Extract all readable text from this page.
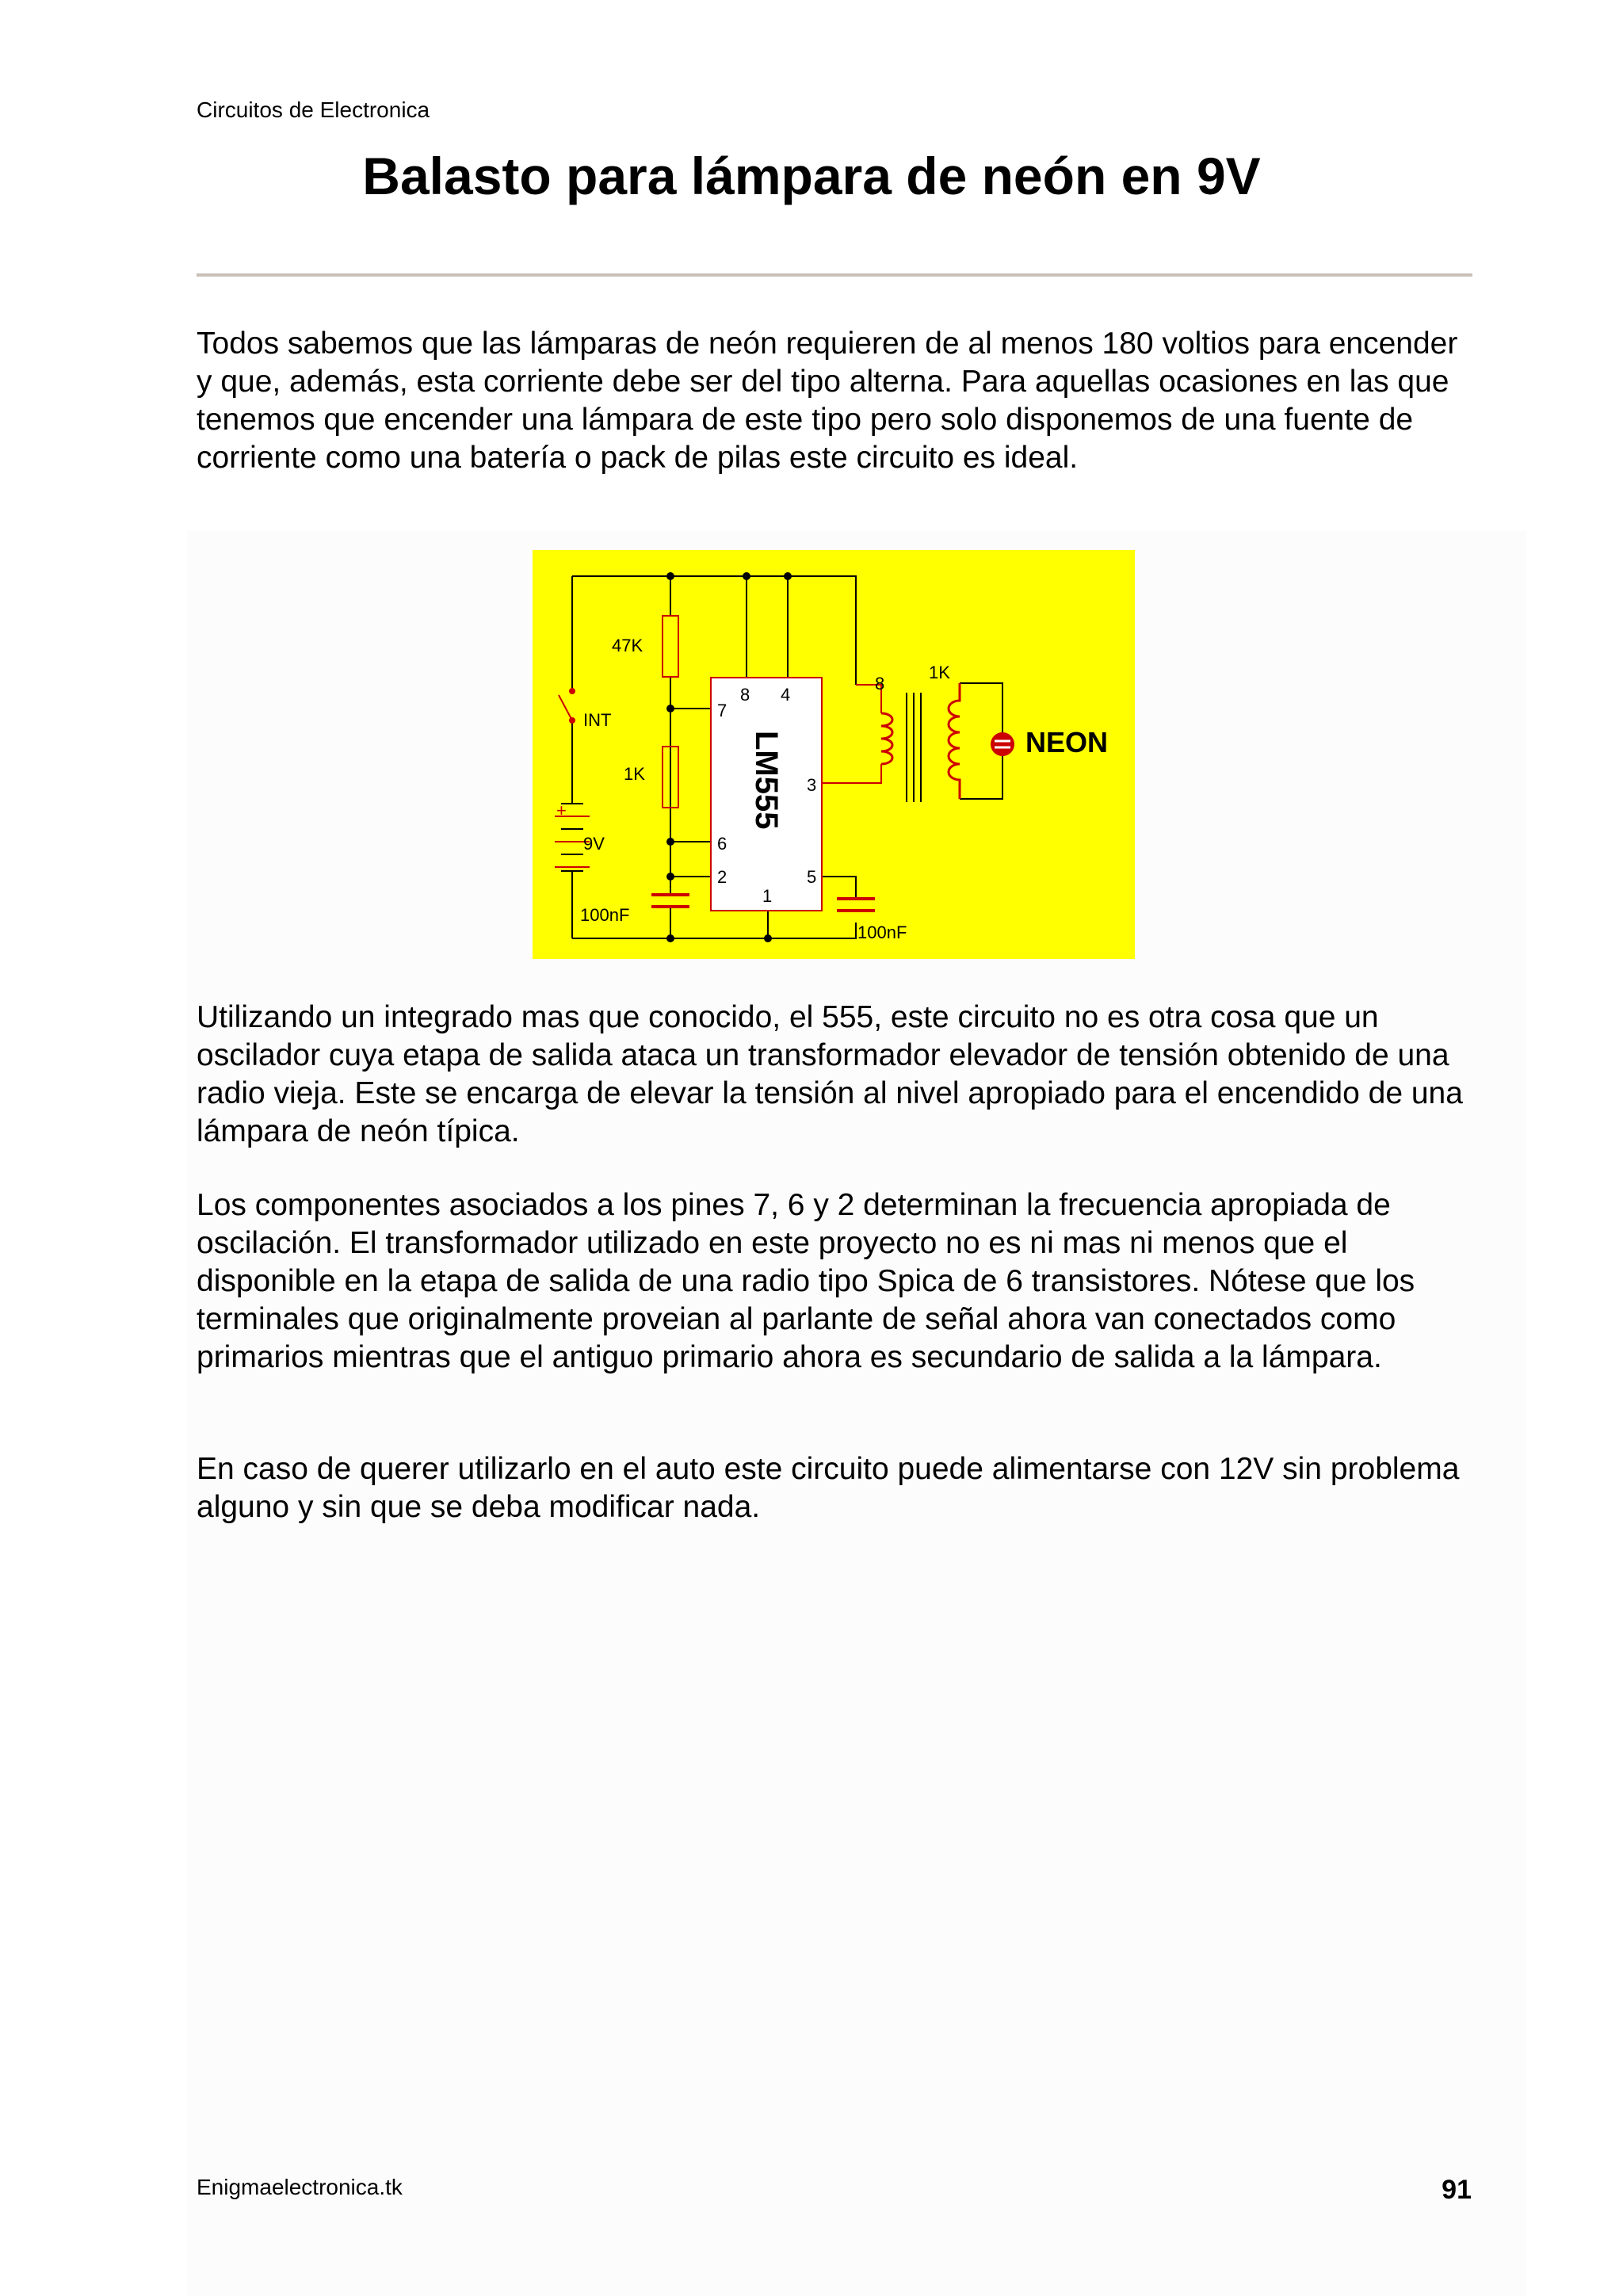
Circuitos de Electronica
Balasto para lámpara de neón en 9V

Todos sabemos que las lámparas de neón requieren de al menos 180 voltios para encender y que, además, esta corriente debe ser del tipo alterna. Para aquellas ocasiones en las que tenemos que encender una lámpara de este tipo pero solo disponemos de una fuente de corriente como una batería o pack de pilas este circuito es ideal.

47K
1K
INT
9V
100nF
100nF
8 4
7
3
6
2	5
1
8
1K
+
NEON
LM555

Utilizando un integrado mas que conocido, el 555, este circuito no es otra cosa que un oscilador cuya etapa de salida ataca un transformador elevador de tensión obtenido de una radio vieja. Este se encarga de elevar la tensión al nivel apropiado para el encendido de una lámpara de neón típica.

Los componentes asociados a los pines 7, 6 y 2 determinan la frecuencia apropiada de oscilación. El transformador utilizado en este proyecto no es ni mas ni menos que el disponible en la etapa de salida de una radio tipo Spica de 6 transistores. Nótese que los terminales que originalmente proveian al parlante de señal ahora van conectados como primarios mientras que el antiguo primario ahora es secundario de salida a la lámpara.

En caso de querer utilizarlo en el auto este circuito puede alimentarse con 12V sin problema alguno y sin que se deba modificar nada.

Enigmaelectronica.tk	91
